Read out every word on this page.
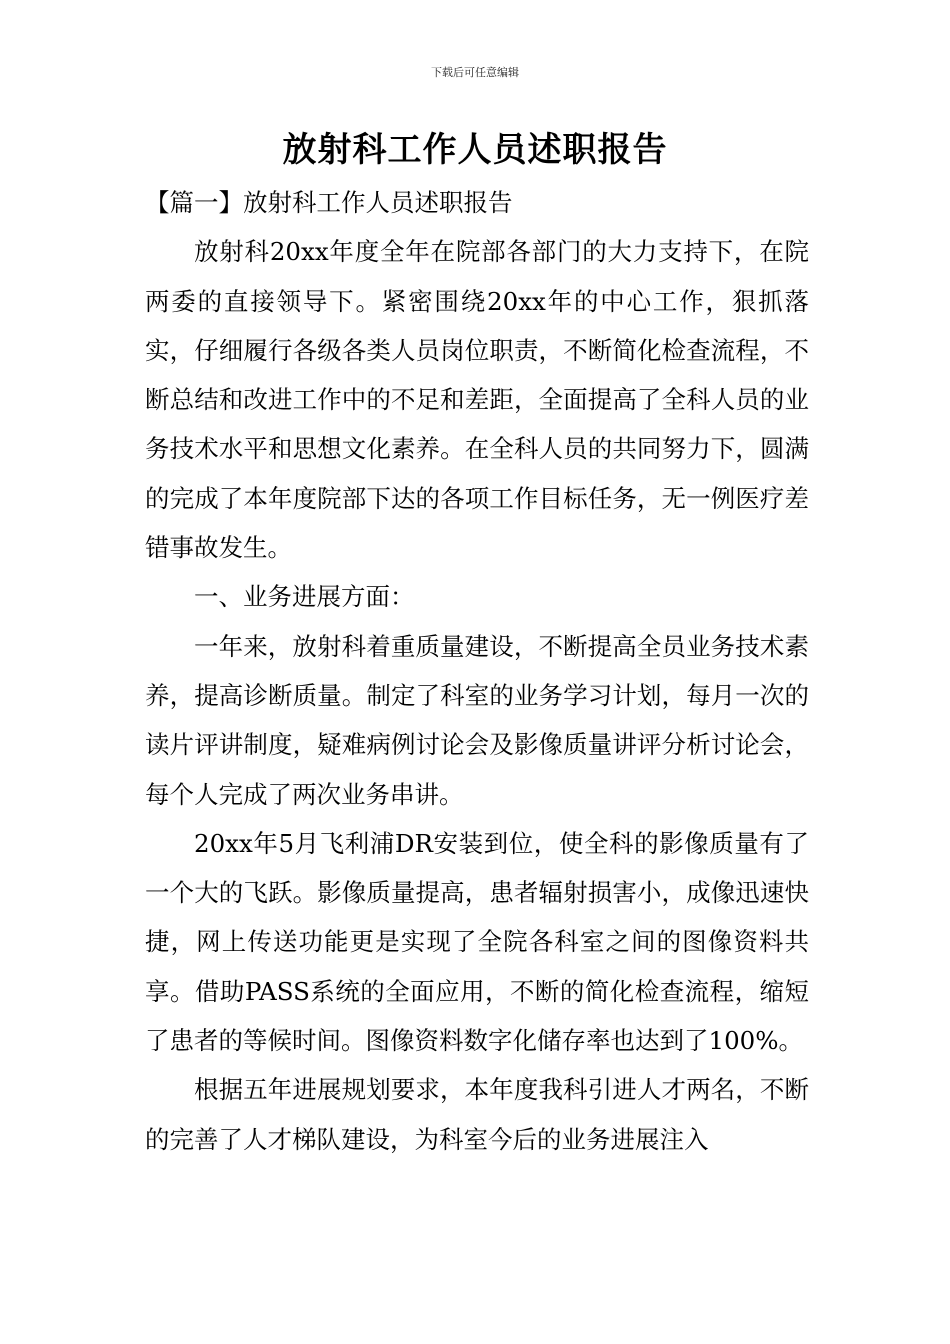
下载后可任意编辑
放射科工作人员述职报告

【篇一】放射科工作人员述职报告

放射科20xx年度全年在院部各部门的大力支持下，在院两委的直接领导下。紧密围绕20xx年的中心工作，狠抓落实，仔细履行各级各类人员岗位职责，不断简化检查流程，不断总结和改进工作中的不足和差距，全面提高了全科人员的业务技术水平和思想文化素养。在全科人员的共同努力下，圆满的完成了本年度院部下达的各项工作目标任务，无一例医疗差错事故发生。

一、业务进展方面：

一年来，放射科着重质量建设，不断提高全员业务技术素养，提高诊断质量。制定了科室的业务学习计划，每月一次的读片评讲制度，疑难病例讨论会及影像质量讲评分析讨论会，每个人完成了两次业务串讲。

20xx年5月飞利浦DR安装到位，使全科的影像质量有了一个大的飞跃。影像质量提高，患者辐射损害小，成像迅速快捷，网上传送功能更是实现了全院各科室之间的图像资料共享。借助PASS系统的全面应用，不断的简化检查流程，缩短了患者的等候时间。图像资料数字化储存率也达到了100%。

根据五年进展规划要求，本年度我科引进人才两名，不断的完善了人才梯队建设，为科室今后的业务进展注入
